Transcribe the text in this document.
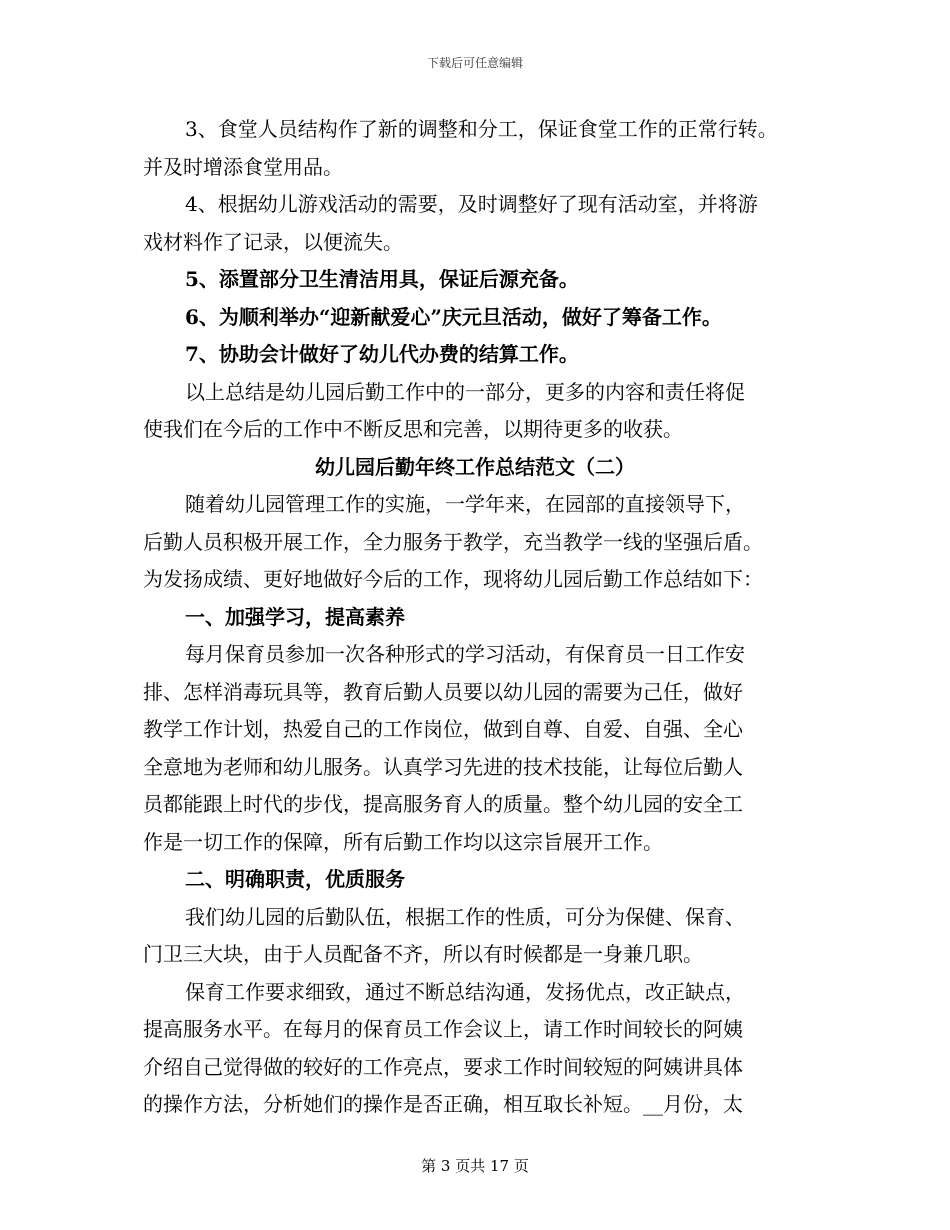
下载后可任意编辑
3、食堂人员结构作了新的调整和分工，保证食堂工作的正常行转。
并及时增添食堂用品。
4、根据幼儿游戏活动的需要，及时调整好了现有活动室，并将游
戏材料作了记录，以便流失。
5、添置部分卫生清洁用具，保证后源充备。
6、为顺利举办“迎新献爱心”庆元旦活动，做好了筹备工作。
7、协助会计做好了幼儿代办费的结算工作。
以上总结是幼儿园后勤工作中的一部分，更多的内容和责任将促
使我们在今后的工作中不断反思和完善，以期待更多的收获。
幼儿园后勤年终工作总结范文（二）
随着幼儿园管理工作的实施，一学年来，在园部的直接领导下，
后勤人员积极开展工作，全力服务于教学，充当教学一线的坚强后盾。
为发扬成绩、更好地做好今后的工作，现将幼儿园后勤工作总结如下：
一、加强学习，提高素养
每月保育员参加一次各种形式的学习活动，有保育员一日工作安
排、怎样消毒玩具等，教育后勤人员要以幼儿园的需要为己任，做好
教学工作计划，热爱自己的工作岗位，做到自尊、自爱、自强、全心
全意地为老师和幼儿服务。认真学习先进的技术技能，让每位后勤人
员都能跟上时代的步伐，提高服务育人的质量。整个幼儿园的安全工
作是一切工作的保障，所有后勤工作均以这宗旨展开工作。
二、明确职责，优质服务
我们幼儿园的后勤队伍，根据工作的性质，可分为保健、保育、
门卫三大块，由于人员配备不齐，所以有时候都是一身兼几职。
保育工作要求细致，通过不断总结沟通，发扬优点，改正缺点，
提高服务水平。在每月的保育员工作会议上，请工作时间较长的阿姨
介绍自己觉得做的较好的工作亮点，要求工作时间较短的阿姨讲具体
的操作方法，分析她们的操作是否正确，相互取长补短。__月份，太
第 3 页共 17 页
